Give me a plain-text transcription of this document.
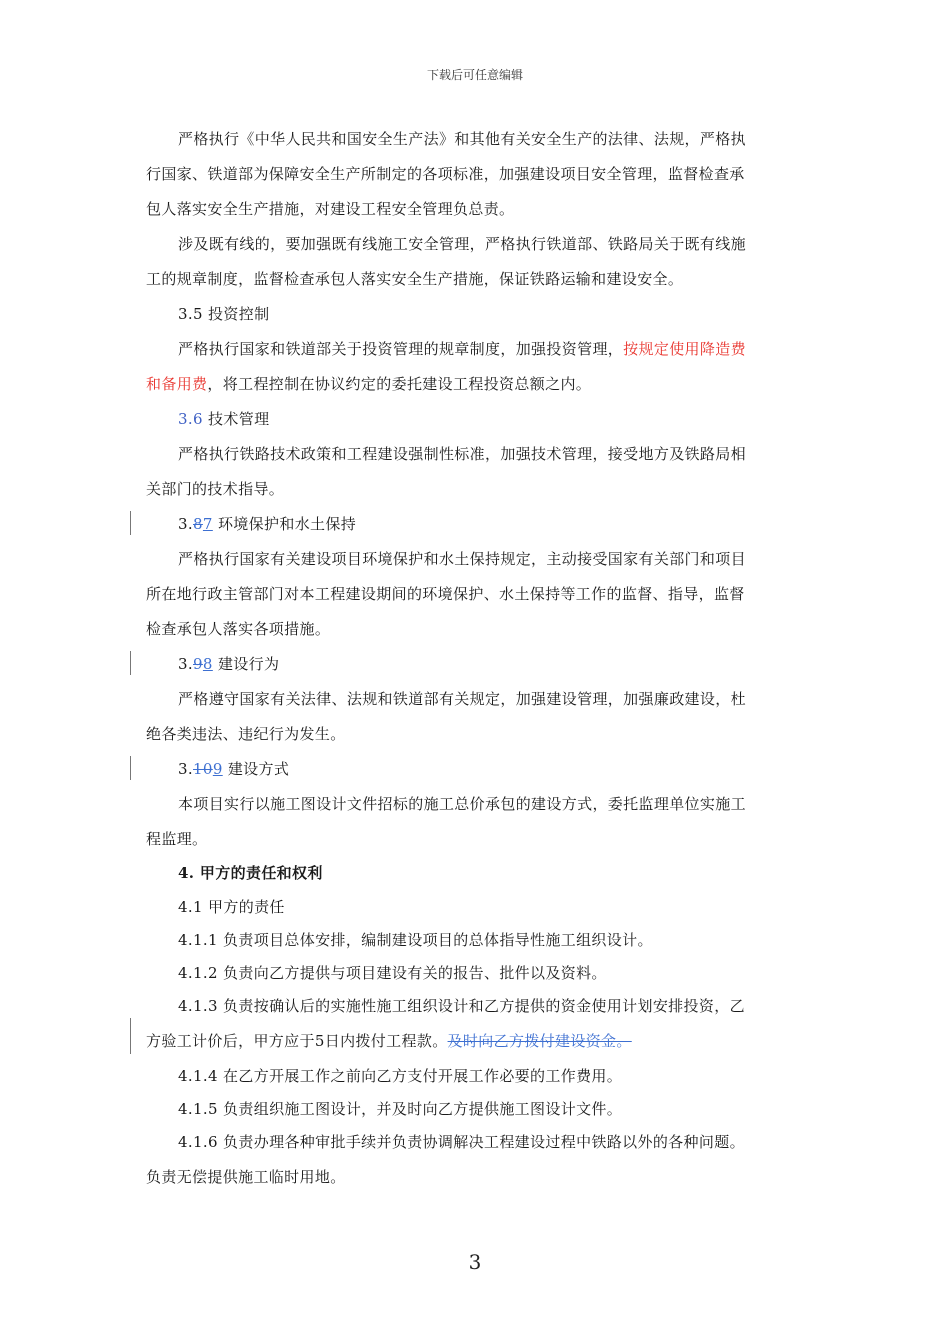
下载后可任意编辑
严格执行《中华人民共和国安全生产法》和其他有关安全生产的法律、法规，严格执
行国家、铁道部为保障安全生产所制定的各项标准，加强建设项目安全管理，监督检查承
包人落实安全生产措施，对建设工程安全管理负总责。
涉及既有线的，要加强既有线施工安全管理，严格执行铁道部、铁路局关于既有线施
工的规章制度，监督检查承包人落实安全生产措施，保证铁路运输和建设安全。
3.5 投资控制
严格执行国家和铁道部关于投资管理的规章制度，加强投资管理，按规定使用降造费
和备用费，将工程控制在协议约定的委托建设工程投资总额之内。
3.6 技术管理
严格执行铁路技术政策和工程建设强制性标准，加强技术管理，接受地方及铁路局相
关部门的技术指导。
3.87 环境保护和水土保持
严格执行国家有关建设项目环境保护和水土保持规定，主动接受国家有关部门和项目
所在地行政主管部门对本工程建设期间的环境保护、水土保持等工作的监督、指导，监督
检查承包人落实各项措施。
3.98 建设行为
严格遵守国家有关法律、法规和铁道部有关规定，加强建设管理，加强廉政建设，杜
绝各类违法、违纪行为发生。
3.109 建设方式
本项目实行以施工图设计文件招标的施工总价承包的建设方式，委托监理单位实施工
程监理。
4. 甲方的责任和权利
4.1 甲方的责任
4.1.1 负责项目总体安排，编制建设项目的总体指导性施工组织设计。
4.1.2 负责向乙方提供与项目建设有关的报告、批件以及资料。
4.1.3 负责按确认后的实施性施工组织设计和乙方提供的资金使用计划安排投资，乙
方验工计价后，甲方应于5日内拨付工程款。及时向乙方拨付建设资金。
4.1.4 在乙方开展工作之前向乙方支付开展工作必要的工作费用。
4.1.5 负责组织施工图设计，并及时向乙方提供施工图设计文件。
4.1.6 负责办理各种审批手续并负责协调解决工程建设过程中铁路以外的各种问题。
负责无偿提供施工临时用地。
3
